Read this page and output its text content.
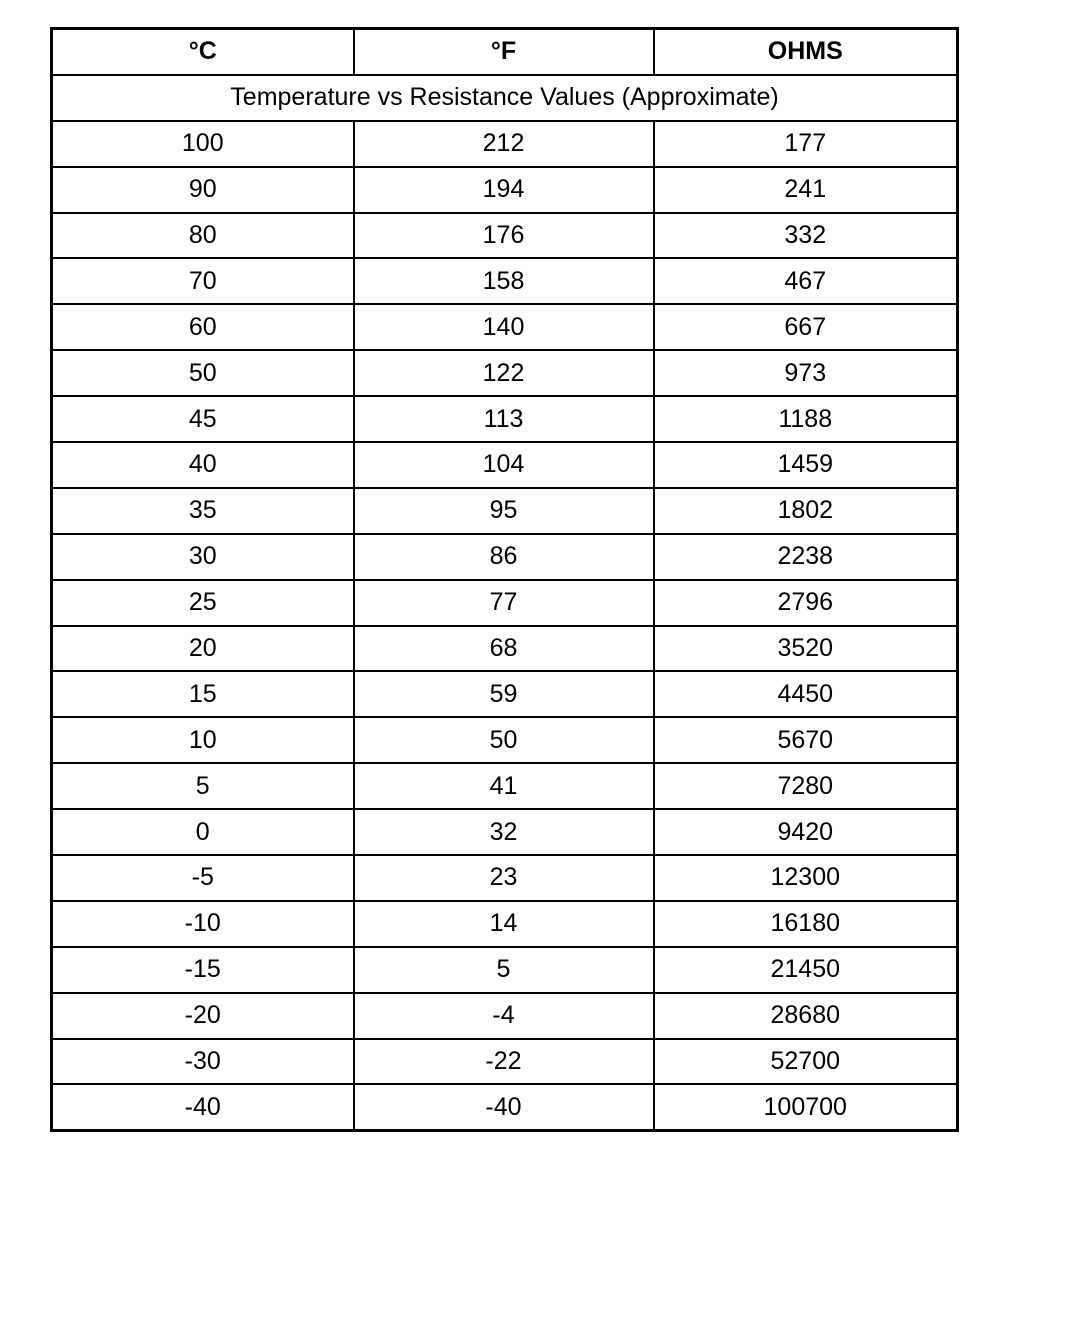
°C	°F	OHMS
Temperature vs Resistance Values (Approximate)		
100	212	177
90	194	241
80	176	332
70	158	467
60	140	667
50	122	973
45	113	1188
40	104	1459
35	95	1802
30	86	2238
25	77	2796
20	68	3520
15	59	4450
10	50	5670
5	41	7280
0	32	9420
-5	23	12300
-10	14	16180
-15	5	21450
-20	-4	28680
-30	-22	52700
-40	-40	100700
